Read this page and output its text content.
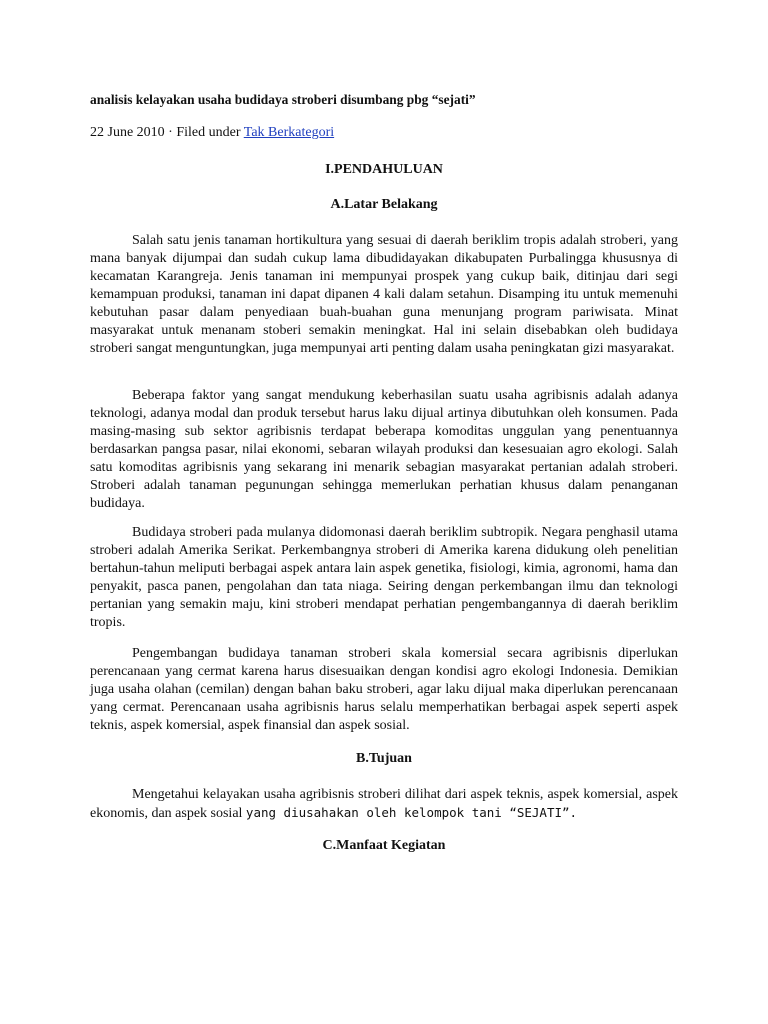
analisis kelayakan usaha budidaya stroberi disumbang pbg “sejati”
22 June 2010 · Filed under Tak Berkategori
I.PENDAHULUAN
A.Latar Belakang

Salah satu jenis tanaman hortikultura yang sesuai di daerah beriklim tropis adalah stroberi, yang mana banyak dijumpai dan sudah cukup lama dibudidayakan dikabupaten Purbalingga khususnya di kecamatan Karangreja. Jenis tanaman ini mempunyai prospek yang cukup baik, ditinjau dari segi kemampuan produksi, tanaman ini dapat dipanen 4 kali dalam setahun. Disamping itu untuk memenuhi kebutuhan pasar dalam penyediaan buah-buahan guna menunjang program pariwisata. Minat masyarakat untuk menanam stoberi semakin meningkat. Hal ini selain disebabkan oleh budidaya stroberi sangat menguntungkan, juga mempunyai arti penting dalam usaha peningkatan gizi masyarakat.

Beberapa faktor yang sangat mendukung keberhasilan suatu usaha agribisnis adalah adanya teknologi, adanya modal dan produk tersebut harus laku dijual artinya dibutuhkan oleh konsumen. Pada masing-masing sub sektor agribisnis terdapat beberapa komoditas unggulan yang penentuannya berdasarkan pangsa pasar, nilai ekonomi, sebaran wilayah produksi dan kesesuaian agro ekologi. Salah satu komoditas agribisnis yang sekarang ini menarik sebagian masyarakat pertanian adalah stroberi. Stroberi adalah tanaman pegunungan sehingga memerlukan perhatian khusus dalam penanganan budidaya.

Budidaya stroberi pada mulanya didomonasi daerah beriklim subtropik. Negara penghasil utama stroberi adalah Amerika Serikat. Perkembangnya stroberi di Amerika karena didukung oleh penelitian bertahun-tahun meliputi berbagai aspek antara lain aspek genetika, fisiologi, kimia, agronomi, hama dan penyakit, pasca panen, pengolahan dan tata niaga. Seiring dengan perkembangan ilmu dan teknologi pertanian yang semakin maju, kini stroberi mendapat perhatian pengembangannya di daerah beriklim tropis.

Pengembangan budidaya tanaman stroberi skala komersial secara agribisnis diperlukan perencanaan yang cermat karena harus disesuaikan dengan kondisi agro ekologi Indonesia. Demikian juga usaha olahan (cemilan) dengan bahan baku stroberi, agar laku dijual maka diperlukan perencanaan yang cermat. Perencanaan usaha agribisnis harus selalu memperhatikan berbagai aspek seperti aspek teknis, aspek komersial, aspek finansial dan aspek sosial.

B.Tujuan

Mengetahui kelayakan usaha agribisnis stroberi dilihat dari aspek teknis, aspek komersial, aspek ekonomis, dan aspek sosial yang diusahakan oleh kelompok tani “SEJATI”.

C.Manfaat Kegiatan
